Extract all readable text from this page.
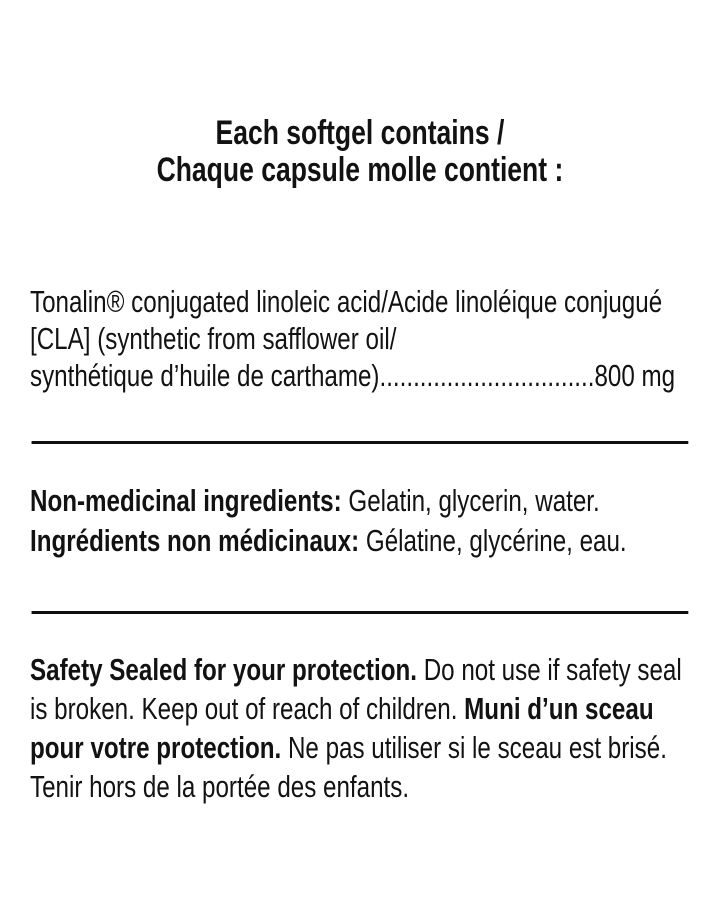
Each softgel contains /
Chaque capsule molle contient :
Tonalin® conjugated linoleic acid/Acide linoléique conjugué
[CLA] (synthetic from safflower oil/
synthétique d’huile de carthame)................................800 mg
Non-medicinal ingredients: Gelatin, glycerin, water.
Ingrédients non médicinaux: Gélatine, glycérine, eau.
Safety Sealed for your protection. Do not use if safety seal
is broken. Keep out of reach of children. Muni d’un sceau
pour votre protection. Ne pas utiliser si le sceau est brisé.
Tenir hors de la portée des enfants.
